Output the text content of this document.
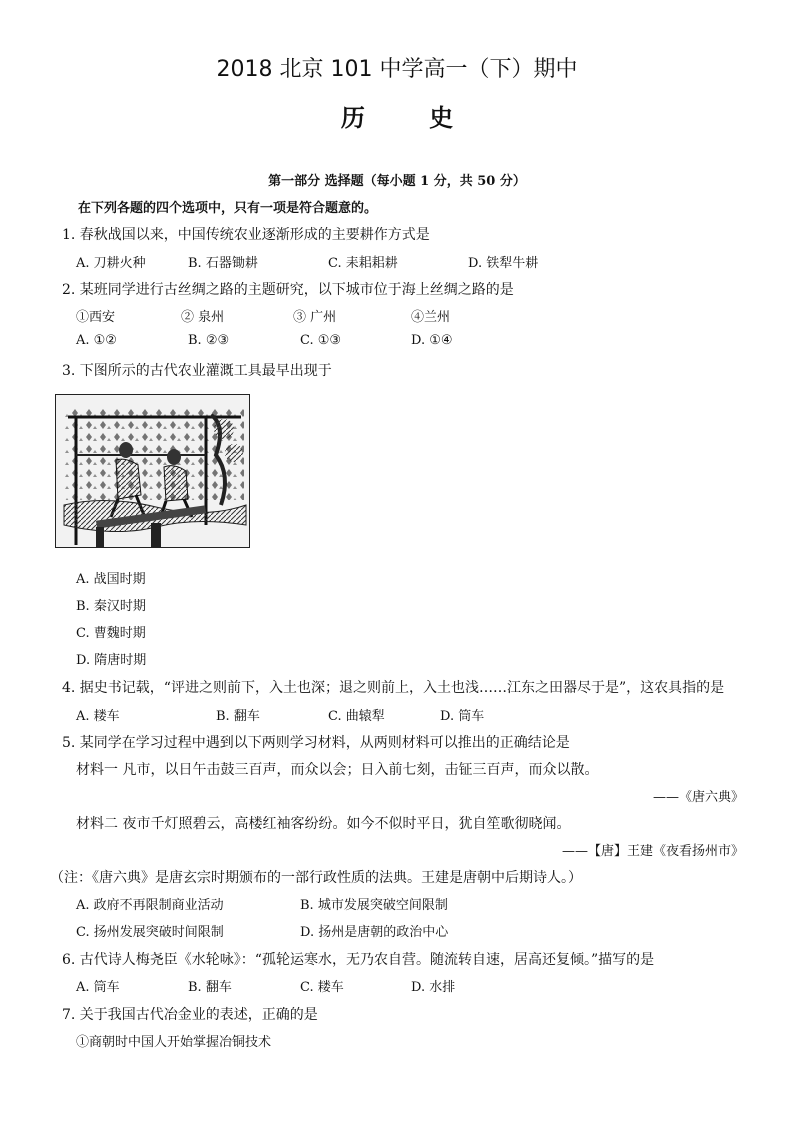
2018 北京 101 中学高一（下）期中
历 史
第一部分 选择题（每小题 1 分，共 50 分）
在下列各题的四个选项中，只有一项是符合题意的。
1. 春秋战国以来，中国传统农业逐渐形成的主要耕作方式是
A. 刀耕火种	B. 石器锄耕	C. 耒耜耜耕	D. 铁犁牛耕
2. 某班同学进行古丝绸之路的主题研究，以下城市位于海上丝绸之路的是
①西安	② 泉州	③ 广州	④兰州
A. ①②	B. ②③	C. ①③	D. ①④
3. 下图所示的古代农业灌溉工具最早出现于
A. 战国时期
B. 秦汉时期
C. 曹魏时期
D. 隋唐时期
4. 据史书记载，“评进之则前下，入土也深；退之则前上，入土也浅……江东之田器尽于是”，这农具指的是
A. 耧车	B. 翻车	C. 曲辕犁	D. 筒车
5. 某同学在学习过程中遇到以下两则学习材料，从两则材料可以推出的正确结论是
材料一 凡市，以日午击鼓三百声，而众以会；日入前七刻，击钲三百声，而众以散。
——《唐六典》
材料二 夜市千灯照碧云，高楼红袖客纷纷。如今不似时平日，犹自笙歌彻晓闻。
——【唐】王建《夜看扬州市》
（注：《唐六典》是唐玄宗时期颁布的一部行政性质的法典。王建是唐朝中后期诗人。）
A. 政府不再限制商业活动	B. 城市发展突破空间限制
C. 扬州发展突破时间限制	D. 扬州是唐朝的政治中心
6. 古代诗人梅尧臣《水轮咏》：“孤轮运寒水，无乃农自营。随流转自速，居高还复倾。”描写的是
A. 筒车	B. 翻车	C. 耧车	D. 水排
7. 关于我国古代冶金业的表述，正确的是
①商朝时中国人开始掌握冶铜技术
